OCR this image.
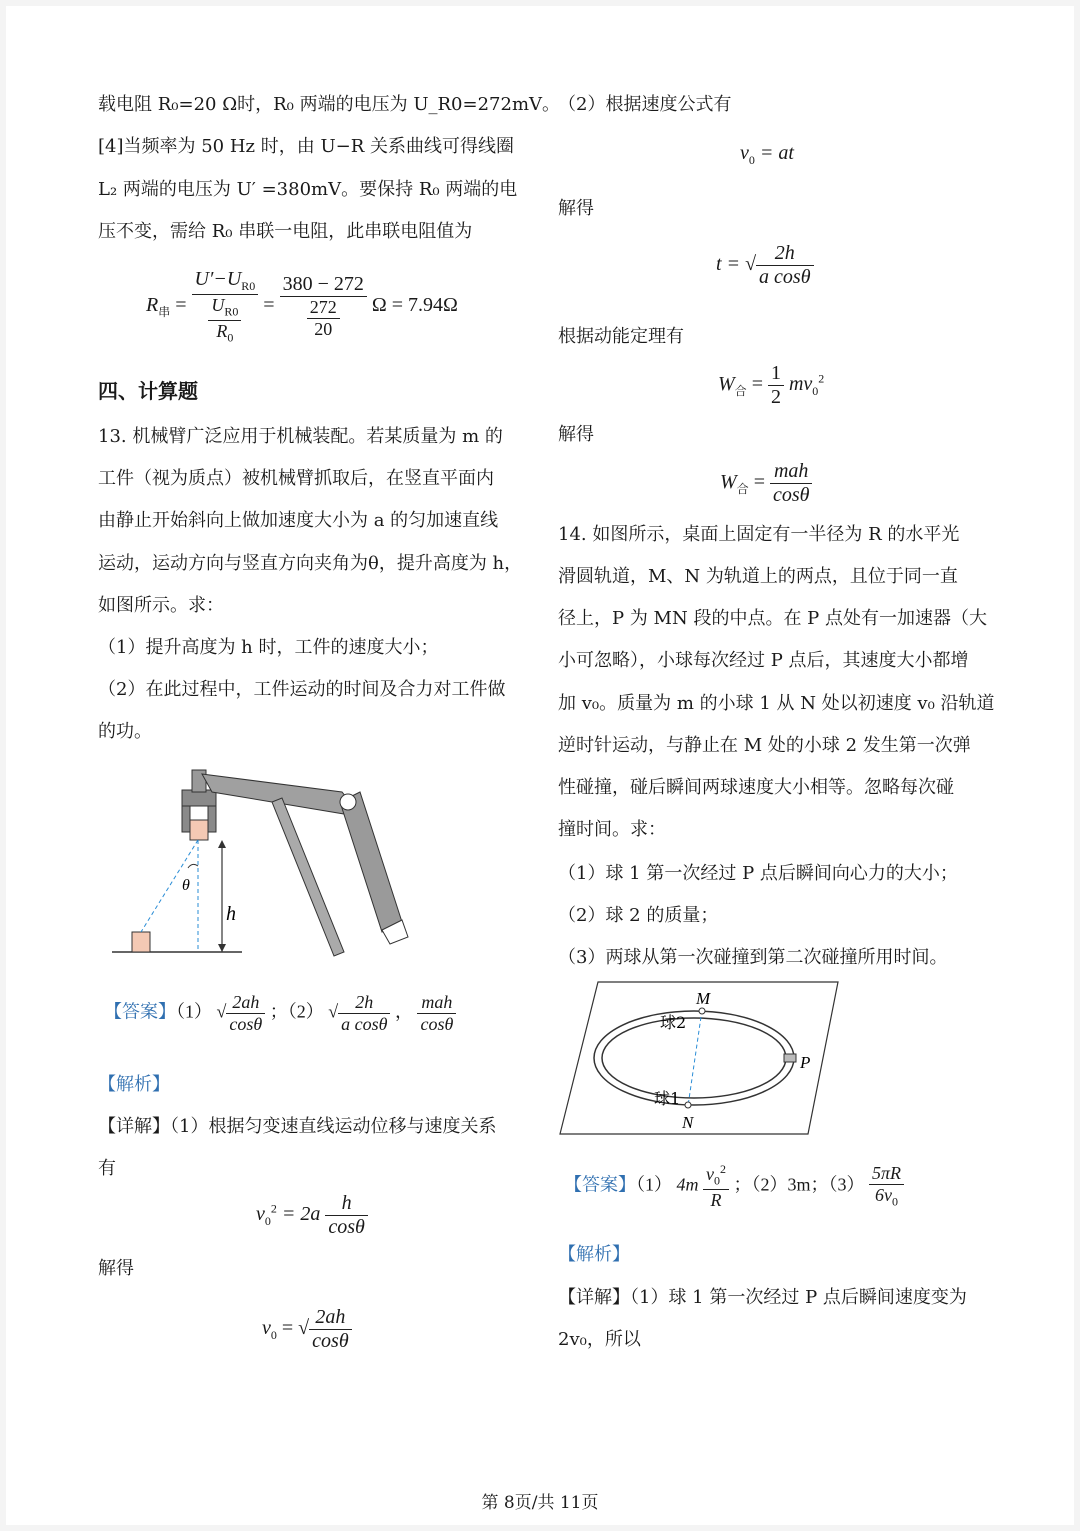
载电阻 R₀=20 Ω时，R₀ 两端的电压为 U_R0=272mV。
[4]当频率为 50 Hz 时，由 U−R 关系曲线可得线圈
L₂ 两端的电压为 U′ =380mV。要保持 R₀ 两端的电
压不变，需给 R₀ 串联一电阻，此串联电阻值为
$R_串 = \frac{U'-U_{R0}}{\frac{U_{R0}}{R_0}} = \frac{380 - 272}{\frac{272}{20}}$ Ω = 7.94Ω
四、计算题
13. 机械臂广泛应用于机械装配。若某质量为 m 的
工件（视为质点）被机械臂抓取后，在竖直平面内
由静止开始斜向上做加速度大小为 a 的匀加速直线
运动，运动方向与竖直方向夹角为θ，提升高度为 h，
如图所示。求：
（1）提升高度为 h 时，工件的速度大小；
（2）在此过程中，工件运动的时间及合力对工件做
的功。
θ
h
【答案】（1） √ $\frac{2ah}{\cos\theta}$ ；（2） √ $\frac{2h}{\text{a cosθ}}$ ， $\frac{\text{mah}}{\cos\theta}$
【解析】
【详解】（1）根据匀变速直线运动位移与速度关系
有
$v_0^2 = 2a \frac{h}{\cos\theta}$
解得
$v_0$ = √ $\frac{2ah}{\cos\theta}$
（2）根据速度公式有
$v_0$ = at
解得
t = √ $\frac{2h}{\text{a cosθ}}$
根据动能定理有
$W_合 = \frac{1}{2} mv_0^2$
解得
$W_合 = \frac{\text{mah}}{\cos\theta}$
14. 如图所示，桌面上固定有一半径为 R 的水平光
滑圆轨道，M、N 为轨道上的两点，且位于同一直
径上，P 为 MN 段的中点。在 P 点处有一加速器（大
小可忽略），小球每次经过 P 点后，其速度大小都增
加 v₀。质量为 m 的小球 1 从 N 处以初速度 v₀ 沿轨道
逆时针运动，与静止在 M 处的小球 2 发生第一次弹
性碰撞，碰后瞬间两球速度大小相等。忽略每次碰
撞时间。求：
（1）球 1 第一次经过 P 点后瞬间向心力的大小；
（2）球 2 的质量；
（3）两球从第一次碰撞到第二次碰撞所用时间。
M
N
P
球2
球1
【答案】（1） $4m \frac{v_0^2}{R}$ ；（2）3m；$(3) \frac{5\pi R}{6v_0}$
【解析】
【详解】（1）球 1 第一次经过 P 点后瞬间速度变为
2v₀，所以
第 8页/共 11页
